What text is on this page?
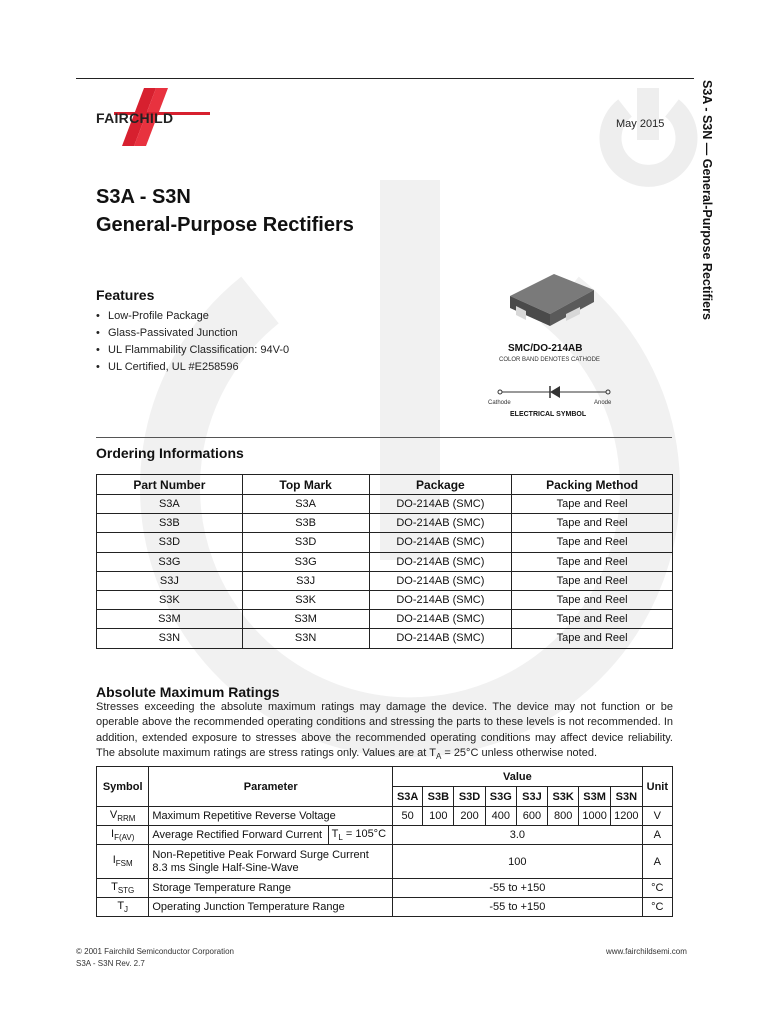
FAIRCHILD	May 2015
S3A - S3N
General-Purpose Rectifiers
Features
• Low-Profile Package
• Glass-Passivated Junction
• UL Flammability Classification: 94V-0
• UL Certified, UL #E258596
SMC/DO-214AB
COLOR BAND DENOTES CATHODE
Cathode	Anode
ELECTRICAL SYMBOL
Ordering Informations
Part Number	Top Mark	Package	Packing Method
S3A	S3A	DO-214AB (SMC)	Tape and Reel
S3B	S3B	DO-214AB (SMC)	Tape and Reel
S3D	S3D	DO-214AB (SMC)	Tape and Reel
S3G	S3G	DO-214AB (SMC)	Tape and Reel
S3J	S3J	DO-214AB (SMC)	Tape and Reel
S3K	S3K	DO-214AB (SMC)	Tape and Reel
S3M	S3M	DO-214AB (SMC)	Tape and Reel
S3N	S3N	DO-214AB (SMC)	Tape and Reel
Absolute Maximum Ratings
Stresses exceeding the absolute maximum ratings may damage the device. The device may not function or be operable above the recommended operating conditions and stressing the parts to these levels is not recommended. In addition, extended exposure to stresses above the recommended operating conditions may affect device reliability. The absolute maximum ratings are stress ratings only. Values are at $T_A = 25^\circ C$ unless otherwise noted.
Symbol	Parameter		Value								Unit
			S3A	S3B	S3D	S3G	S3J	S3K	S3M	S3N	
$V_{RRM}$	Maximum Repetitive Reverse Voltage		50	100	200	400	600	800	1000	1200	V
$I_{F(AV)}$	Average Rectified Forward Current	$T_L = 105^\circ C$	3.0								A
$I_{FSM}$	Non-Repetitive Peak Forward Surge Current
8.3 ms Single Half-Sine-Wave		100								A
$T_{STG}$	Storage Temperature Range		-55 to +150								°C
$T_J$	Operating Junction Temperature Range		-55 to +150								°C
S3A - S3N — General-Purpose Rectifiers
© 2001 Fairchild Semiconductor Corporation
S3A - S3N Rev. 2.7
www.fairchildsemi.com
